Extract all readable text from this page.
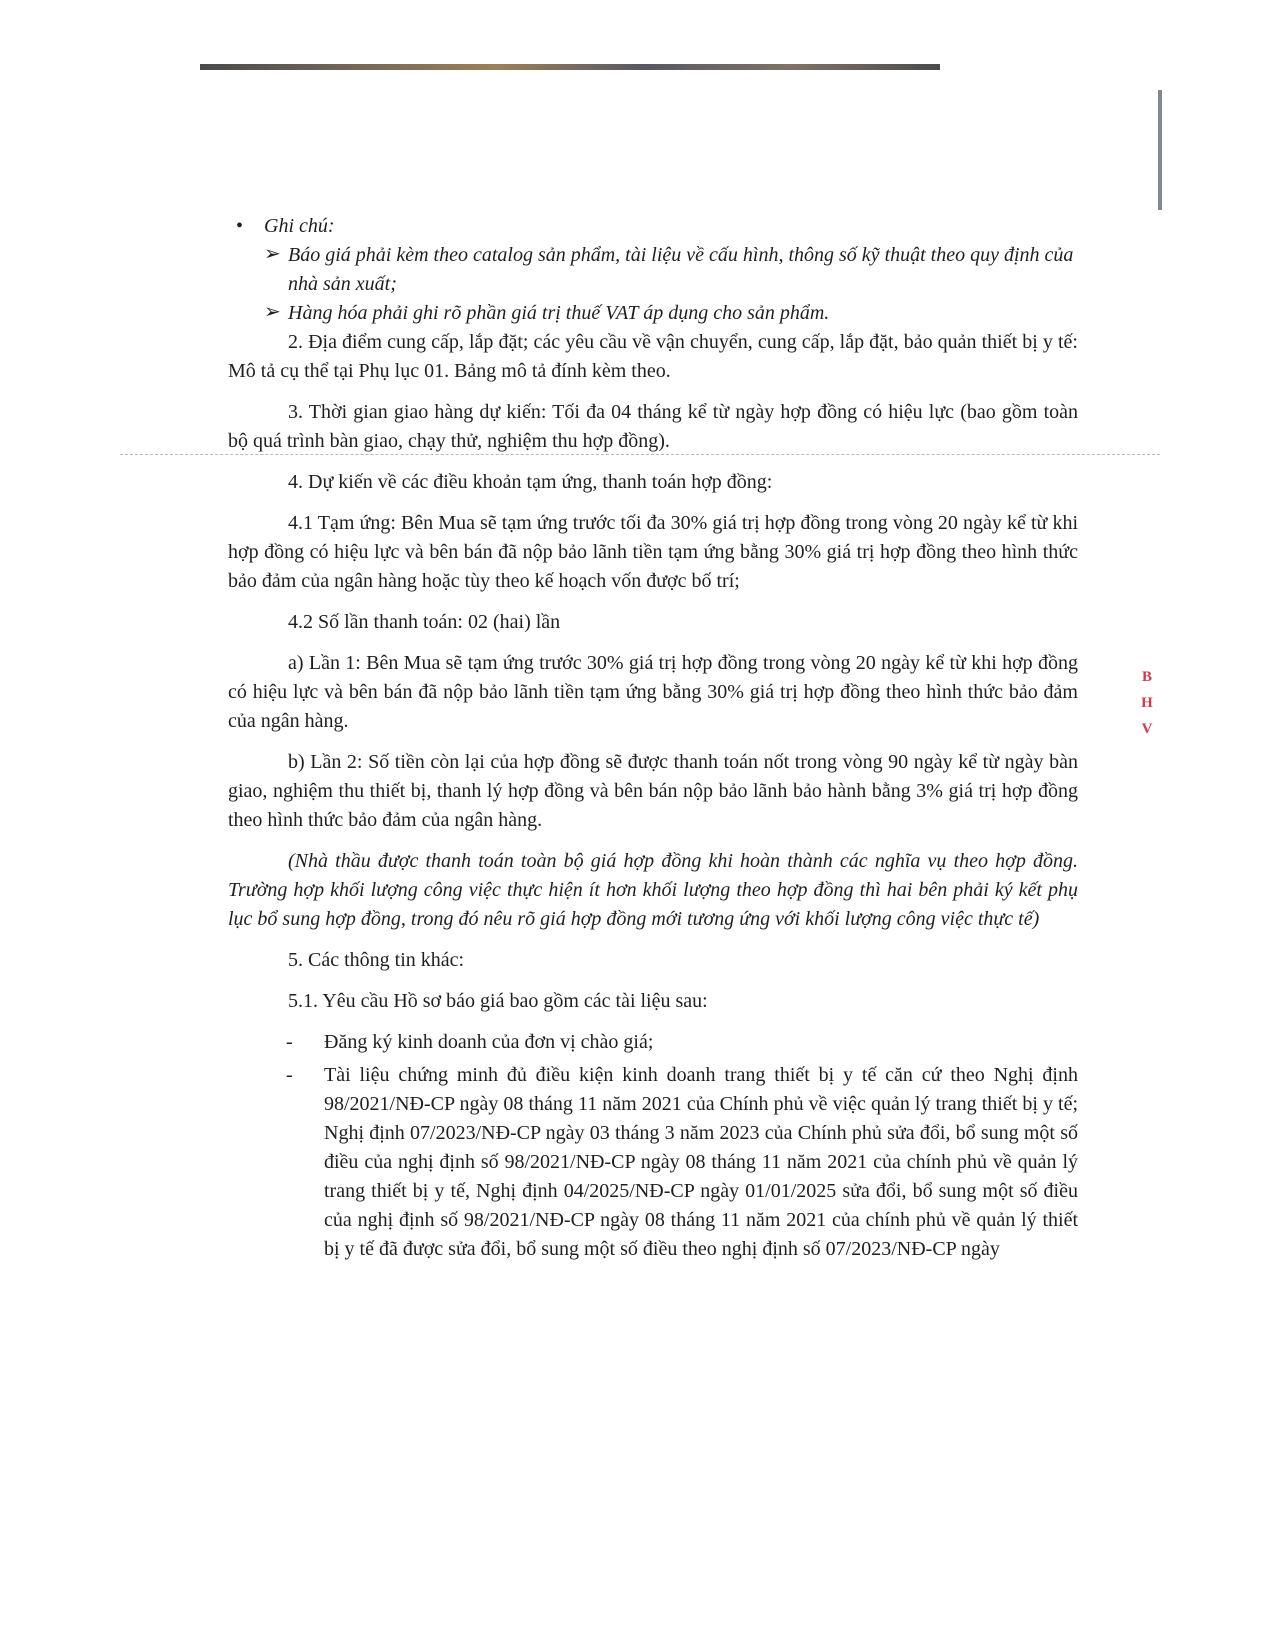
• Ghi chú:

➢ Báo giá phải kèm theo catalog sản phẩm, tài liệu về cấu hình, thông số kỹ thuật theo quy định của nhà sản xuất;

➢ Hàng hóa phải ghi rõ phần giá trị thuế VAT áp dụng cho sản phẩm.

2. Địa điểm cung cấp, lắp đặt; các yêu cầu về vận chuyển, cung cấp, lắp đặt, bảo quản thiết bị y tế: Mô tả cụ thể tại Phụ lục 01. Bảng mô tả đính kèm theo.

3. Thời gian giao hàng dự kiến: Tối đa 04 tháng kể từ ngày hợp đồng có hiệu lực (bao gồm toàn bộ quá trình bàn giao, chạy thử, nghiệm thu hợp đồng).

4. Dự kiến về các điều khoản tạm ứng, thanh toán hợp đồng:

4.1 Tạm ứng: Bên Mua sẽ tạm ứng trước tối đa 30% giá trị hợp đồng trong vòng 20 ngày kể từ khi hợp đồng có hiệu lực và bên bán đã nộp bảo lãnh tiền tạm ứng bằng 30% giá trị hợp đồng theo hình thức bảo đảm của ngân hàng hoặc tùy theo kế hoạch vốn được bố trí;

4.2 Số lần thanh toán: 02 (hai) lần

a) Lần 1: Bên Mua sẽ tạm ứng trước 30% giá trị hợp đồng trong vòng 20 ngày kể từ khi hợp đồng có hiệu lực và bên bán đã nộp bảo lãnh tiền tạm ứng bằng 30% giá trị hợp đồng theo hình thức bảo đảm của ngân hàng.

b) Lần 2: Số tiền còn lại của hợp đồng sẽ được thanh toán nốt trong vòng 90 ngày kể từ ngày bàn giao, nghiệm thu thiết bị, thanh lý hợp đồng và bên bán nộp bảo lãnh bảo hành bằng 3% giá trị hợp đồng theo hình thức bảo đảm của ngân hàng.

(Nhà thầu được thanh toán toàn bộ giá hợp đồng khi hoàn thành các nghĩa vụ theo hợp đồng. Trường hợp khối lượng công việc thực hiện ít hơn khối lượng theo hợp đồng thì hai bên phải ký kết phụ lục bổ sung hợp đồng, trong đó nêu rõ giá hợp đồng mới tương ứng với khối lượng công việc thực tế)

5. Các thông tin khác:

5.1. Yêu cầu Hồ sơ báo giá bao gồm các tài liệu sau:

- Đăng ký kinh doanh của đơn vị chào giá;
- Tài liệu chứng minh đủ điều kiện kinh doanh trang thiết bị y tế căn cứ theo Nghị định 98/2021/NĐ-CP ngày 08 tháng 11 năm 2021 của Chính phủ về việc quản lý trang thiết bị y tế; Nghị định 07/2023/NĐ-CP ngày 03 tháng 3 năm 2023 của Chính phủ sửa đổi, bổ sung một số điều của nghị định số 98/2021/NĐ-CP ngày 08 tháng 11 năm 2021 của chính phủ về quản lý trang thiết bị y tế, Nghị định 04/2025/NĐ-CP ngày 01/01/2025 sửa đổi, bổ sung một số điều của nghị định số 98/2021/NĐ-CP ngày 08 tháng 11 năm 2021 của chính phủ về quản lý thiết bị y tế đã được sửa đổi, bổ sung một số điều theo nghị định số 07/2023/NĐ-CP ngày
B
H
V
